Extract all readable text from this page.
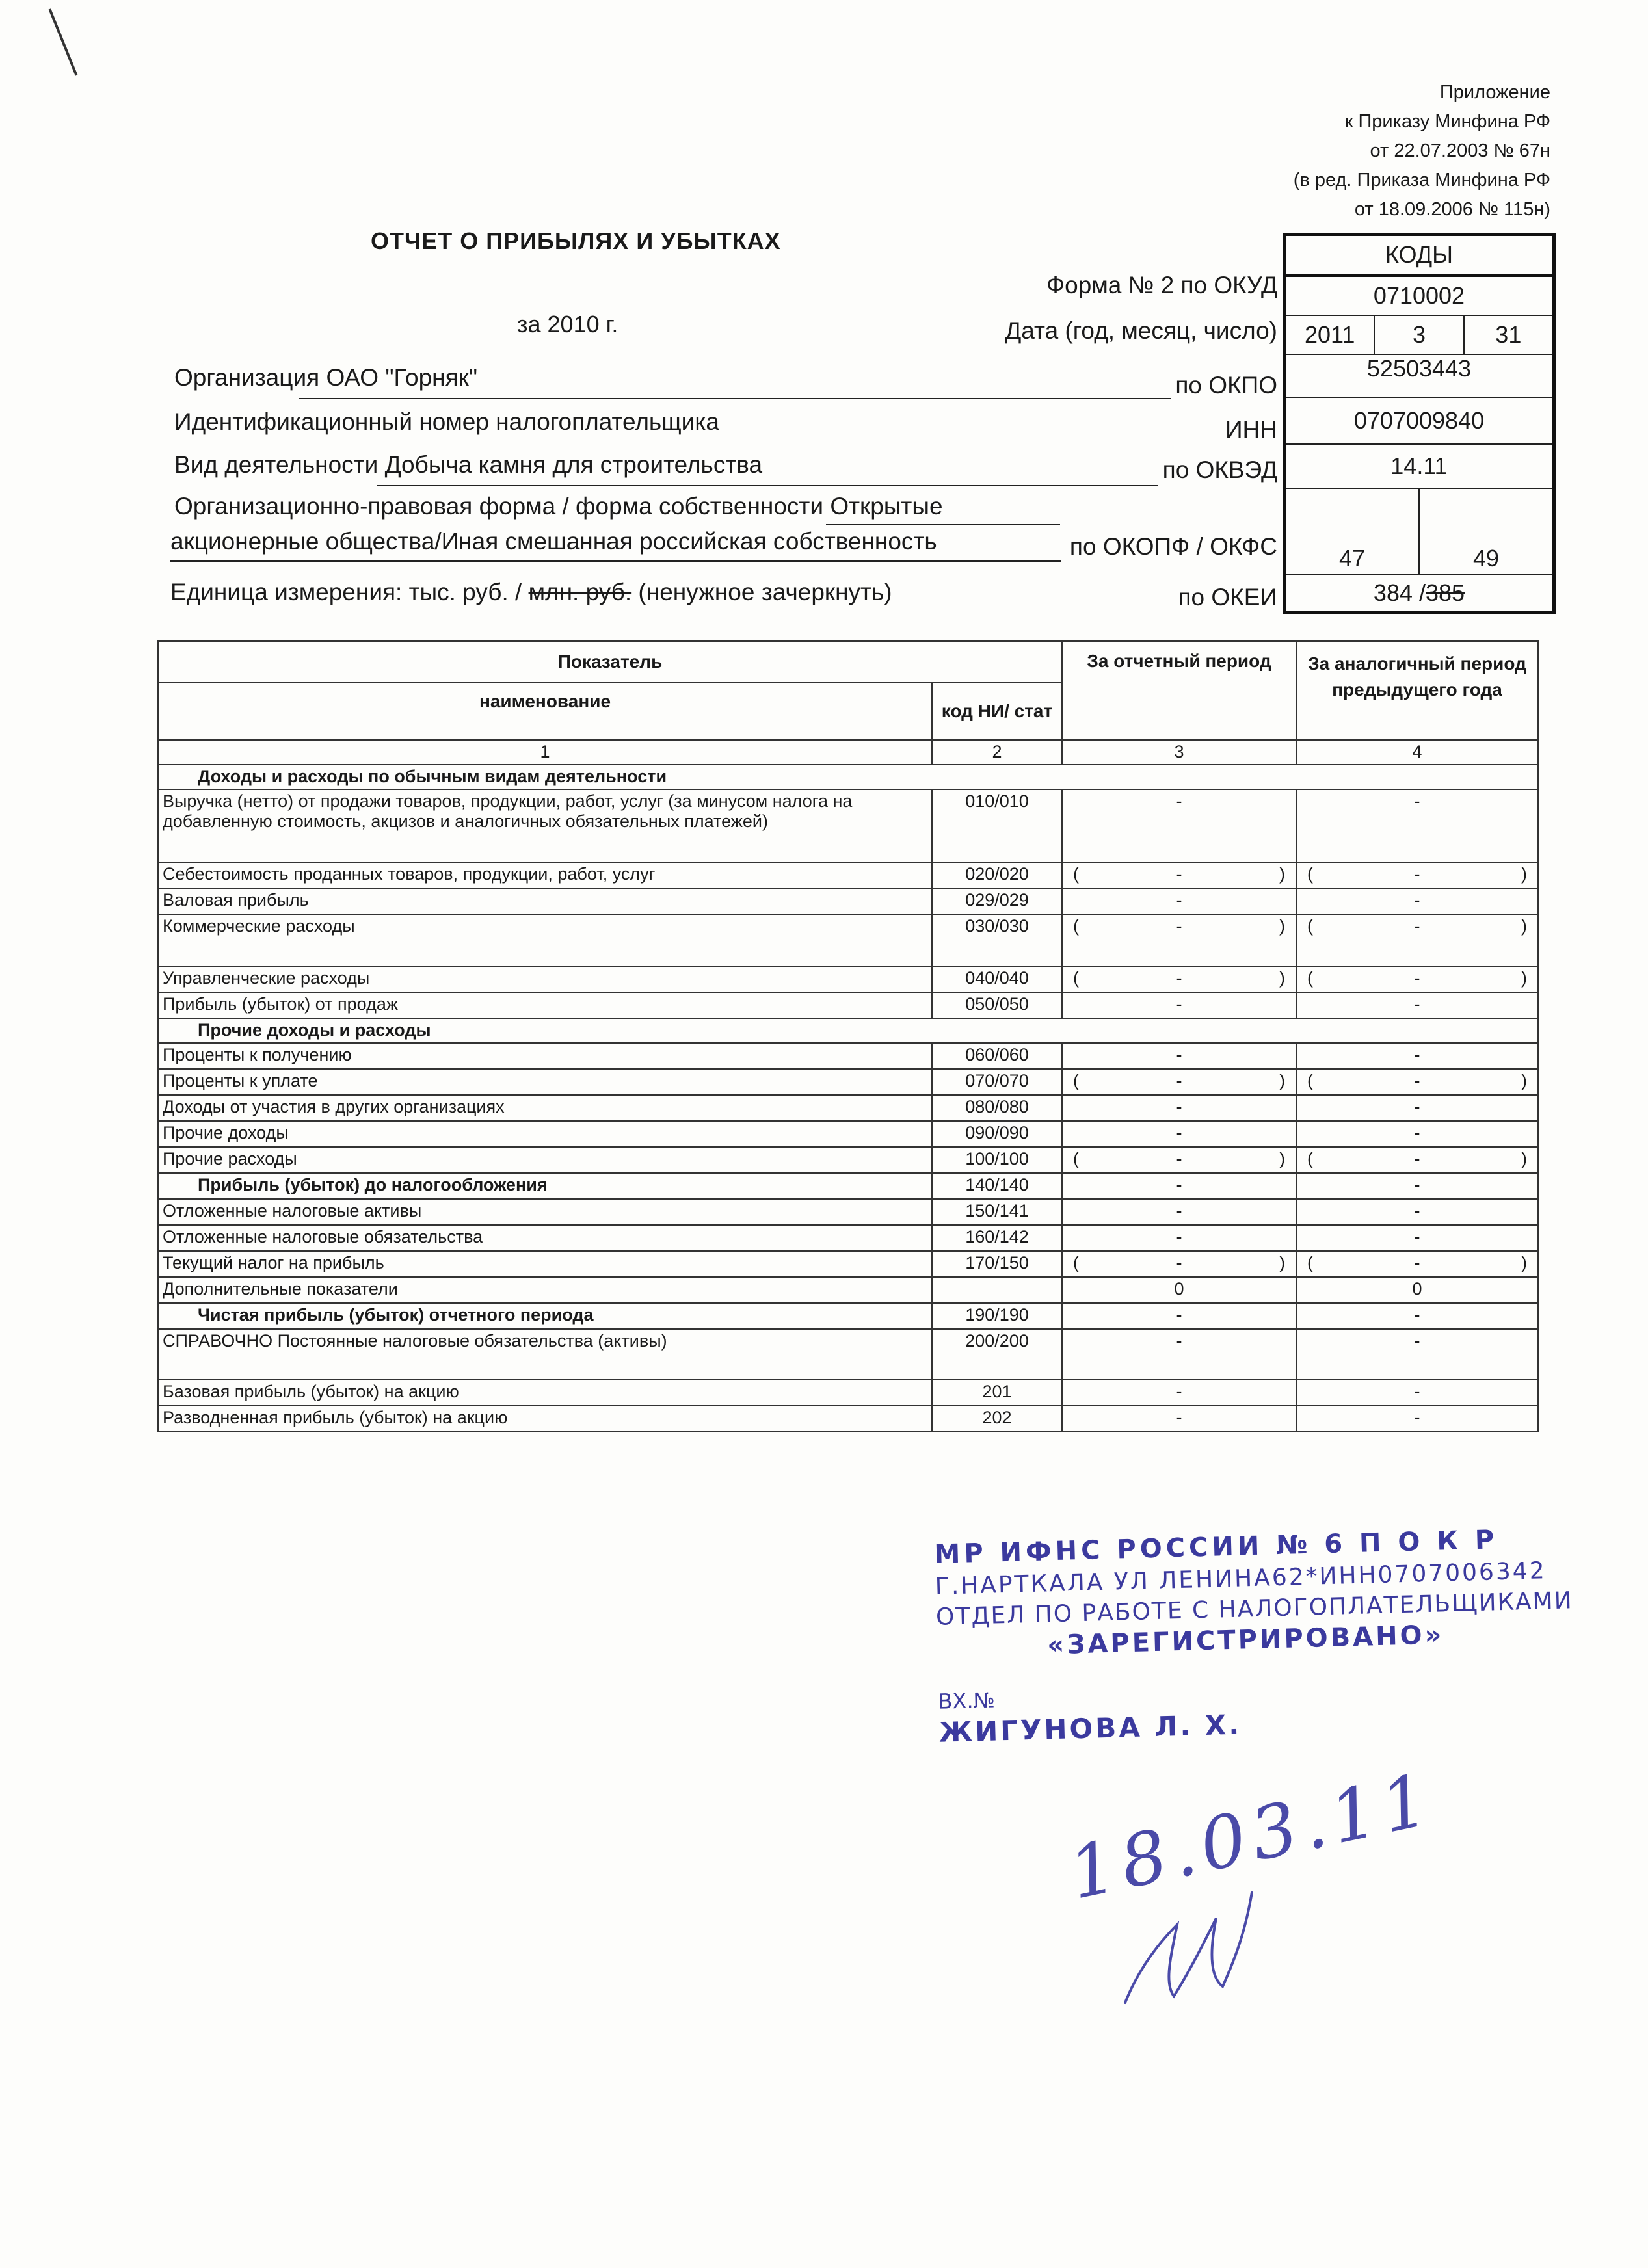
Приложение
к Приказу Минфина РФ
от 22.07.2003 № 67н
(в ред. Приказа Минфина РФ
от 18.09.2006 № 115н)
ОТЧЕТ О ПРИБЫЛЯХ И УБЫТКАХ
за 2010 г.
Форма № 2 по ОКУД
Дата (год, месяц, число)
Организация ОАО "Горняк"	по ОКПО
Идентификационный номер налогоплательщика	ИНН
Вид деятельности Добыча камня для строительства	по ОКВЭД
Организационно-правовая форма / форма собственности Открытые
акционерные общества/Иная смешанная российская собственность	по ОКОПФ / ОКФС
Единица измерения: тыс. руб. / млн. руб. (ненужное зачеркнуть)	по ОКЕИ
КОДЫ
0710002
2011	3	31
52503443
0707009840
14.11
47	49
384 / 385
Показатель		За отчетный период	За аналогичный период предыдущего года
наименование	код НИ/ стат		
1	2	3	4
Доходы и расходы по обычным видам деятельности			
Выручка (нетто) от продажи товаров, продукции, работ, услуг (за минусом налога на добавленную стоимость, акцизов и аналогичных обязательных платежей)	010/010	-	-
Себестоимость проданных товаров, продукции, работ, услуг	020/020	( - )	( - )

Валовая прибыль	029/029	-	-
Коммерческие расходы	030/030	( - )	( - )

Управленческие расходы	040/040	( - )	( - )

Прибыль (убыток) от продаж	050/050	-	-
Прочие доходы и расходы			
Проценты к получению	060/060	-	-
Проценты к уплате	070/070	( - )	( - )

Доходы от участия в других организациях	080/080	-	-
Прочие доходы	090/090	-	-
Прочие расходы	100/100	( - )	( - )

Прибыль (убыток) до налогообложения	140/140	-	-
Отложенные налоговые активы	150/141	-	-
Отложенные налоговые обязательства	160/142	-	-
Текущий налог на прибыль	170/150	( - )	( - )

Дополнительные показатели		0	0
Чистая прибыль (убыток) отчетного периода	190/190	-	-
СПРАВОЧНО Постоянные налоговые обязательства (активы)	200/200	-	-
Базовая прибыль (убыток) на акцию	201	-	-
Разводненная прибыль (убыток) на акцию	202	-	-
МР ИФНС РОССИИ № 6 П О К Р
Г.НАРТКАЛА УЛ ЛЕНИНА62*ИНН0707006342
ОТДЕЛ ПО РАБОТЕ С НАЛОГОПЛАТЕЛЬЩИКАМИ
«ЗАРЕГИСТРИРОВАНО»
ВХ.№
ЖИГУНОВА Л. Х.
18.03.11
